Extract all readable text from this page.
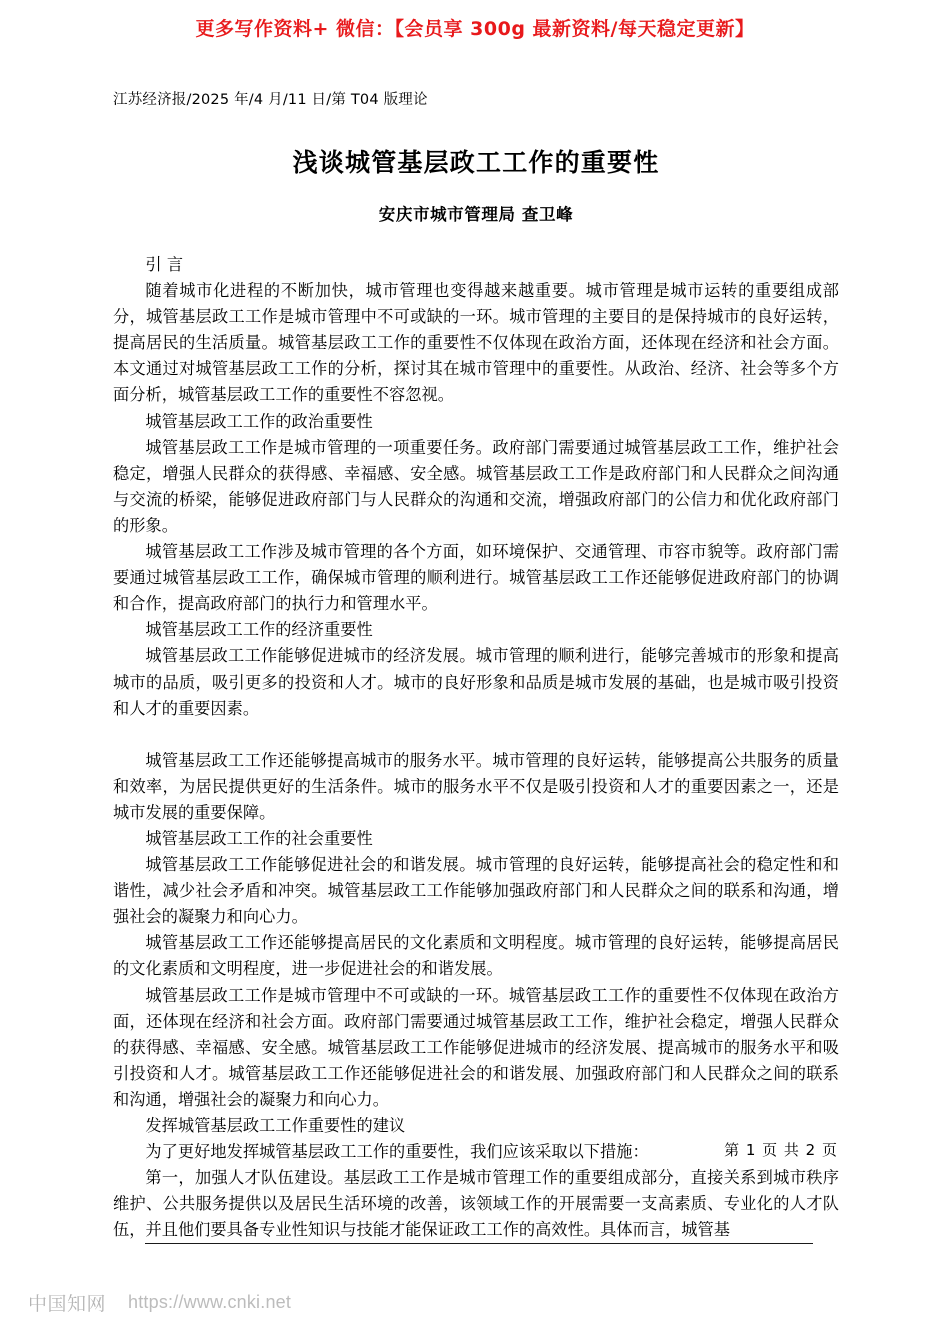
更多写作资料+ 微信：【会员享 300g 最新资料/每天稳定更新】
江苏经济报/2025 年/4 月/11 日/第 T04 版理论
浅谈城管基层政工工作的重要性
安庆市城市管理局 查卫峰

引 言

随着城市化进程的不断加快，城市管理也变得越来越重要。城市管理是城市运转的重要组成部分，城管基层政工工作是城市管理中不可或缺的一环。城市管理的主要目的是保持城市的良好运转，提高居民的生活质量。城管基层政工工作的重要性不仅体现在政治方面，还体现在经济和社会方面。本文通过对城管基层政工工作的分析，探讨其在城市管理中的重要性。从政治、经济、社会等多个方面分析，城管基层政工工作的重要性不容忽视。

城管基层政工工作的政治重要性

城管基层政工工作是城市管理的一项重要任务。政府部门需要通过城管基层政工工作，维护社会稳定，增强人民群众的获得感、幸福感、安全感。城管基层政工工作是政府部门和人民群众之间沟通与交流的桥梁，能够促进政府部门与人民群众的沟通和交流，增强政府部门的公信力和优化政府部门的形象。

城管基层政工工作涉及城市管理的各个方面，如环境保护、交通管理、市容市貌等。政府部门需要通过城管基层政工工作，确保城市管理的顺利进行。城管基层政工工作还能够促进政府部门的协调和合作，提高政府部门的执行力和管理水平。

城管基层政工工作的经济重要性

城管基层政工工作能够促进城市的经济发展。城市管理的顺利进行，能够完善城市的形象和提高城市的品质，吸引更多的投资和人才。城市的良好形象和品质是城市发展的基础，也是城市吸引投资和人才的重要因素。

城管基层政工工作还能够提高城市的服务水平。城市管理的良好运转，能够提高公共服务的质量和效率，为居民提供更好的生活条件。城市的服务水平不仅是吸引投资和人才的重要因素之一，还是城市发展的重要保障。

城管基层政工工作的社会重要性

城管基层政工工作能够促进社会的和谐发展。城市管理的良好运转，能够提高社会的稳定性和和谐性，减少社会矛盾和冲突。城管基层政工工作能够加强政府部门和人民群众之间的联系和沟通，增强社会的凝聚力和向心力。

城管基层政工工作还能够提高居民的文化素质和文明程度。城市管理的良好运转，能够提高居民的文化素质和文明程度，进一步促进社会的和谐发展。

城管基层政工工作是城市管理中不可或缺的一环。城管基层政工工作的重要性不仅体现在政治方面，还体现在经济和社会方面。政府部门需要通过城管基层政工工作，维护社会稳定，增强人民群众的获得感、幸福感、安全感。城管基层政工工作能够促进城市的经济发展、提高城市的服务水平和吸引投资和人才。城管基层政工工作还能够促进社会的和谐发展、加强政府部门和人民群众之间的联系和沟通，增强社会的凝聚力和向心力。

发挥城管基层政工工作重要性的建议

为了更好地发挥城管基层政工工作的重要性，我们应该采取以下措施：

第一，加强人才队伍建设。基层政工工作是城市管理工作的重要组成部分，直接关系到城市秩序维护、公共服务提供以及居民生活环境的改善，该领域工作的开展需要一支高素质、专业化的人才队伍，并且他们要具备专业性知识与技能才能保证政工工作的高效性。具体而言，城管基

第 1 页 共 2 页
中国知网 https://www.cnki.net
